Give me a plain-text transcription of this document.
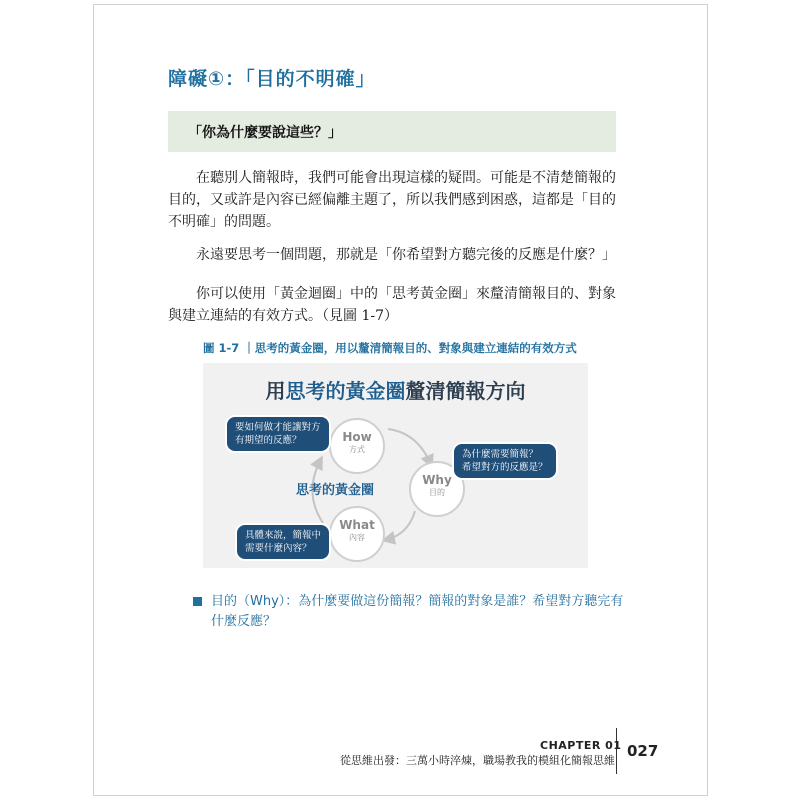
障礙①：「目的不明確」
「你為什麼要說這些？」
在聽別人簡報時，我們可能會出現這樣的疑問。可能是不清楚簡報的目的，又或許是內容已經偏離主題了，所以我們感到困惑，這都是「目的不明確」的問題。
永遠要思考一個問題，那就是「你希望對方聽完後的反應是什麼？」
你可以使用「黃金迴圈」中的「思考黃金圈」來釐清簡報目的、對象與建立連結的有效方式。（見圖 1-7）
圖 1-7 ｜思考的黃金圈，用以釐清簡報目的、對象與建立連結的有效方式
用思考的黃金圈釐清簡報方向
How
方式
Why
目的
What
內容
思考的黃金圈
要如何做才能讓對方
有期望的反應？
為什麼需要簡報？
希望對方的反應是？
具體來說，簡報中
需要什麼內容？
目的（Why）：為什麼要做這份簡報？簡報的對象是誰？希望對方聽完有什麼反應？
CHAPTER 01
從思維出發：三萬小時淬煉，職場教我的模組化簡報思維
027
